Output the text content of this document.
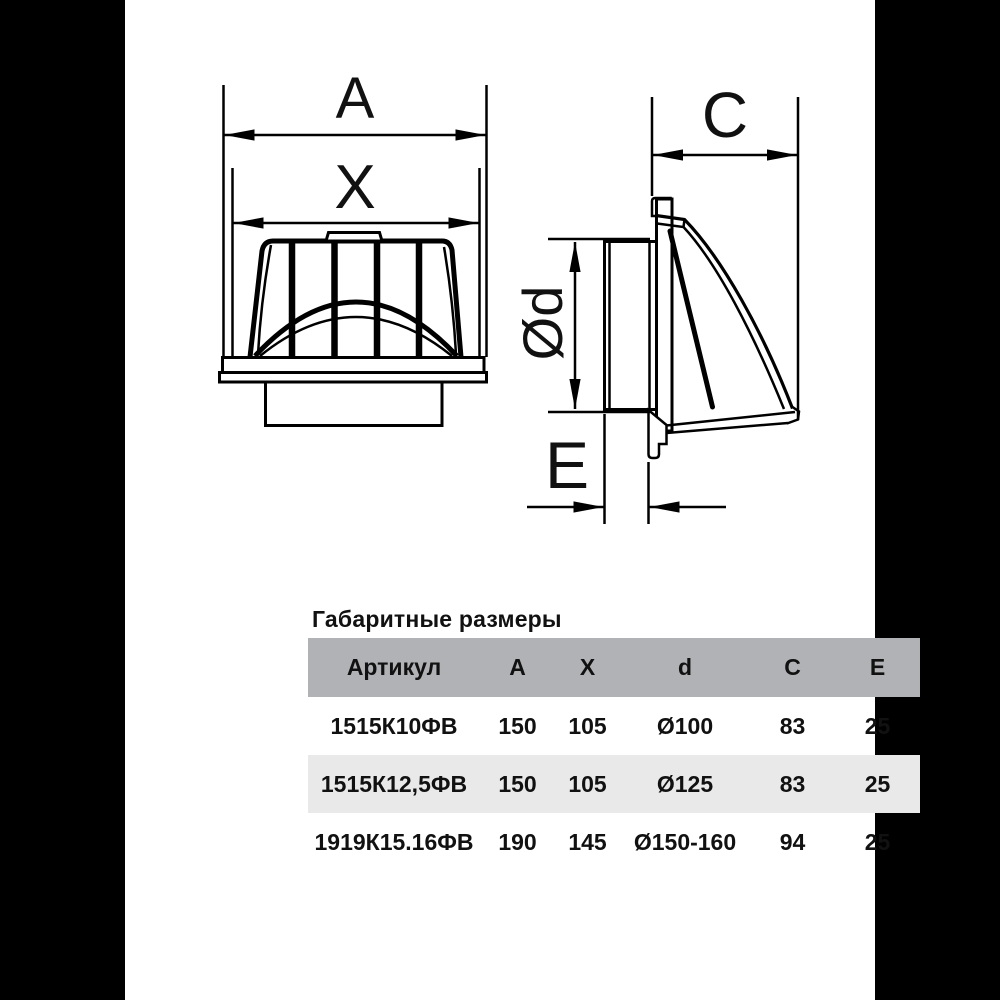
A
X
C
Ød
E
Габаритные размеры
Артикул	А	X	d	C	E
1515К10ФВ	150	105	Ø100	83	25
1515К12,5ФВ	150	105	Ø125	83	25
1919К15.16ФВ	190	145	Ø150-160	94	25
